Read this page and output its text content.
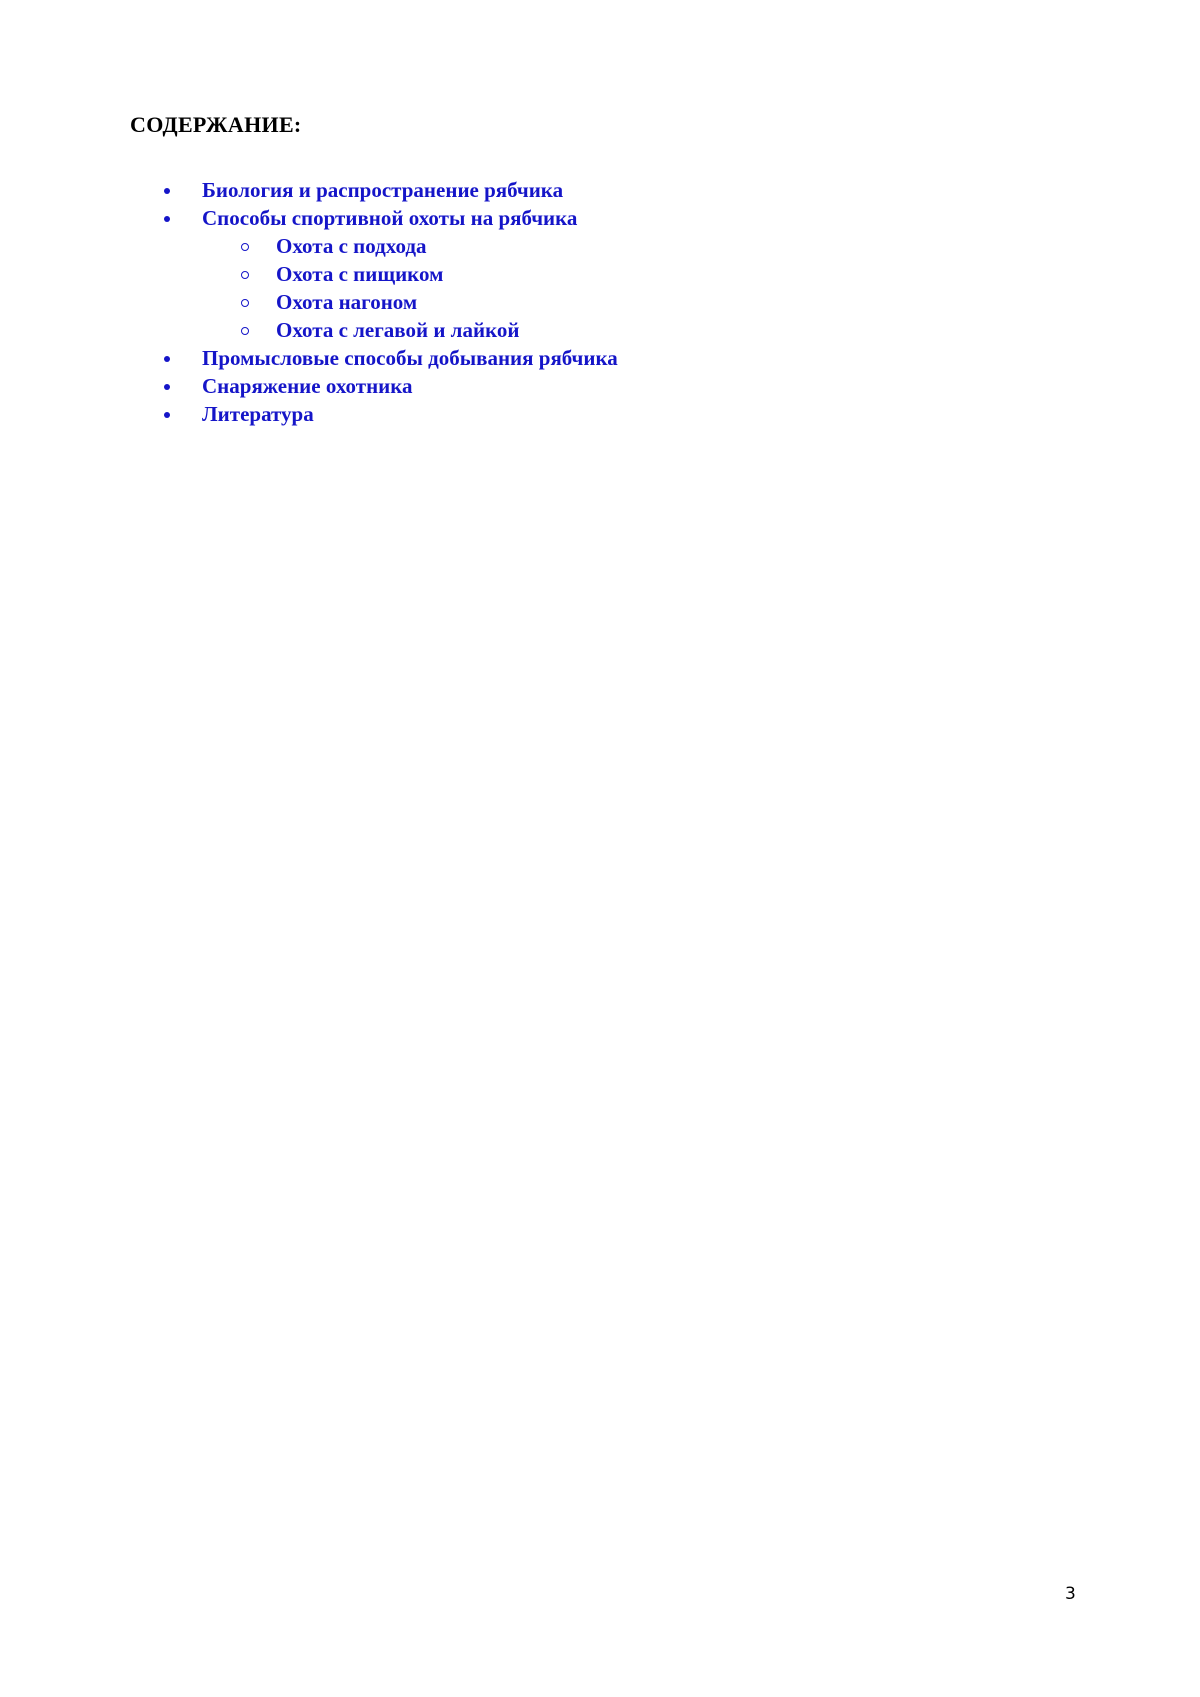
СОДЕРЖАНИЕ:
Биология и распространение рябчика
Способы спортивной охоты на рябчика
Охота с подхода
Охота с пищиком
Охота нагоном
Охота с легавой и лайкой
Промысловые способы добывания рябчика
Снаряжение охотника
Литература
3
